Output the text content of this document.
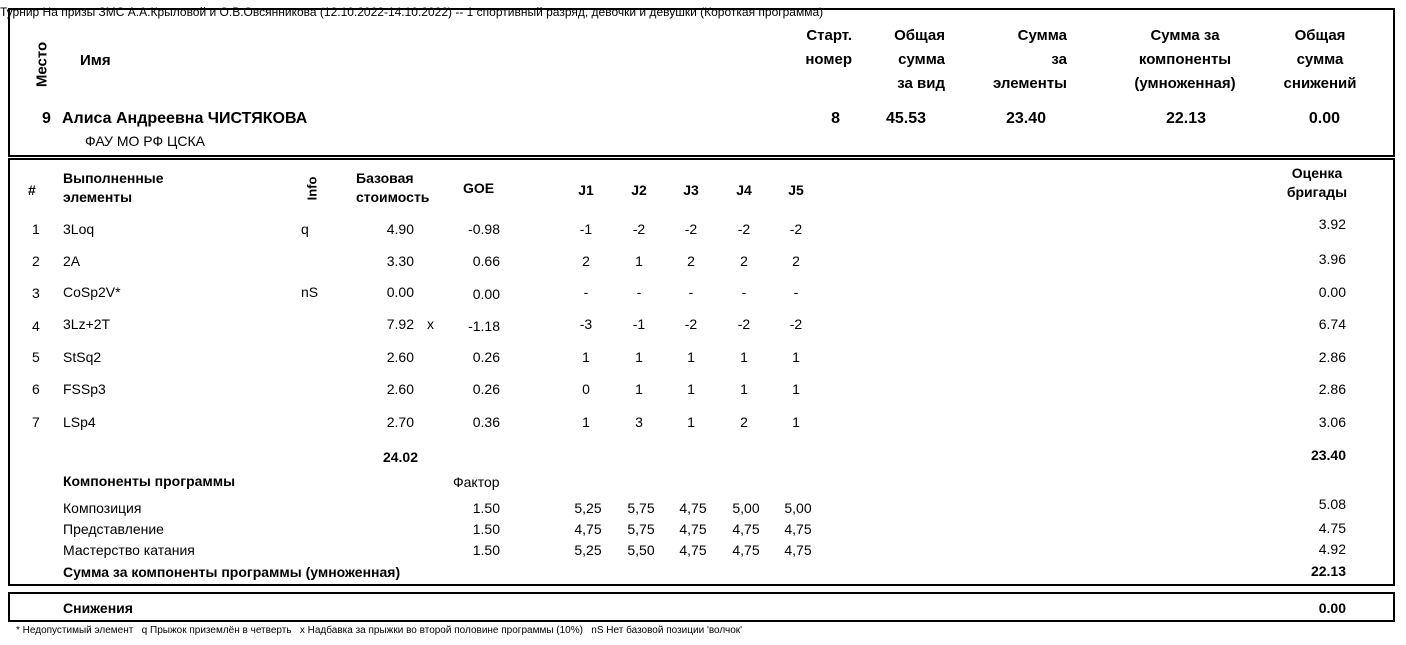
Турнир На призы ЗМС А.А.Крыловой и О.В.Овсянникова (12.10.2022-14.10.2022) -- 1 спортивный разряд, девочки и девушки (Короткая программа)
Место Имя
Старт.
номер
Общая
сумма
за вид
Сумма
за
элементы
Сумма за
компоненты
(умноженная)
Общая
сумма
снижений
9 Алиса Андреевна ЧИСТЯКОВА
ФАУ МО РФ ЦСКА
8	45.53	23.40	22.13	0.00
#
Выполненные
элементы	Info	Базовая
стоимость
GOE	J1	J2	J3	J4	J5
Оценка
бригады
1 3Loq	q	4.90	-0.98	-1	-2	-2	-2	-2	3.92
2 2A	3.30	0.66	2	1	2	2	2	3.96
3 CoSp2V*	nS	0.00	0.00	-	-	-	-	-	0.00
4 3Lz+2T	7.92 x	-1.18	-3	-1	-2	-2	-2	6.74
5 StSq2	2.60	0.26	1	1	1	1	1	2.86
6 FSSp3	2.60	0.26	0	1	1	1	1	2.86
7 LSp4	2.70	0.36	1	3	1	2	1	3.06
24.02	23.40
Компоненты программы	Фактор
Композиция	1.50	5,25	5,75	4,75	5,00	5,00	5.08
Представление	1.50	4,75	5,75	4,75	4,75	4,75	4.75
Мастерство катания	1.50	5,25	5,50	4,75	4,75	4,75	4.92
Сумма за компоненты программы (умноженная)	22.13
Снижения	0.00
* Недопустимый элемент   q Прыжок приземлён в четверть   x Надбавка за прыжки во второй половине программы (10%)   nS Нет базовой позиции 'волчок'
